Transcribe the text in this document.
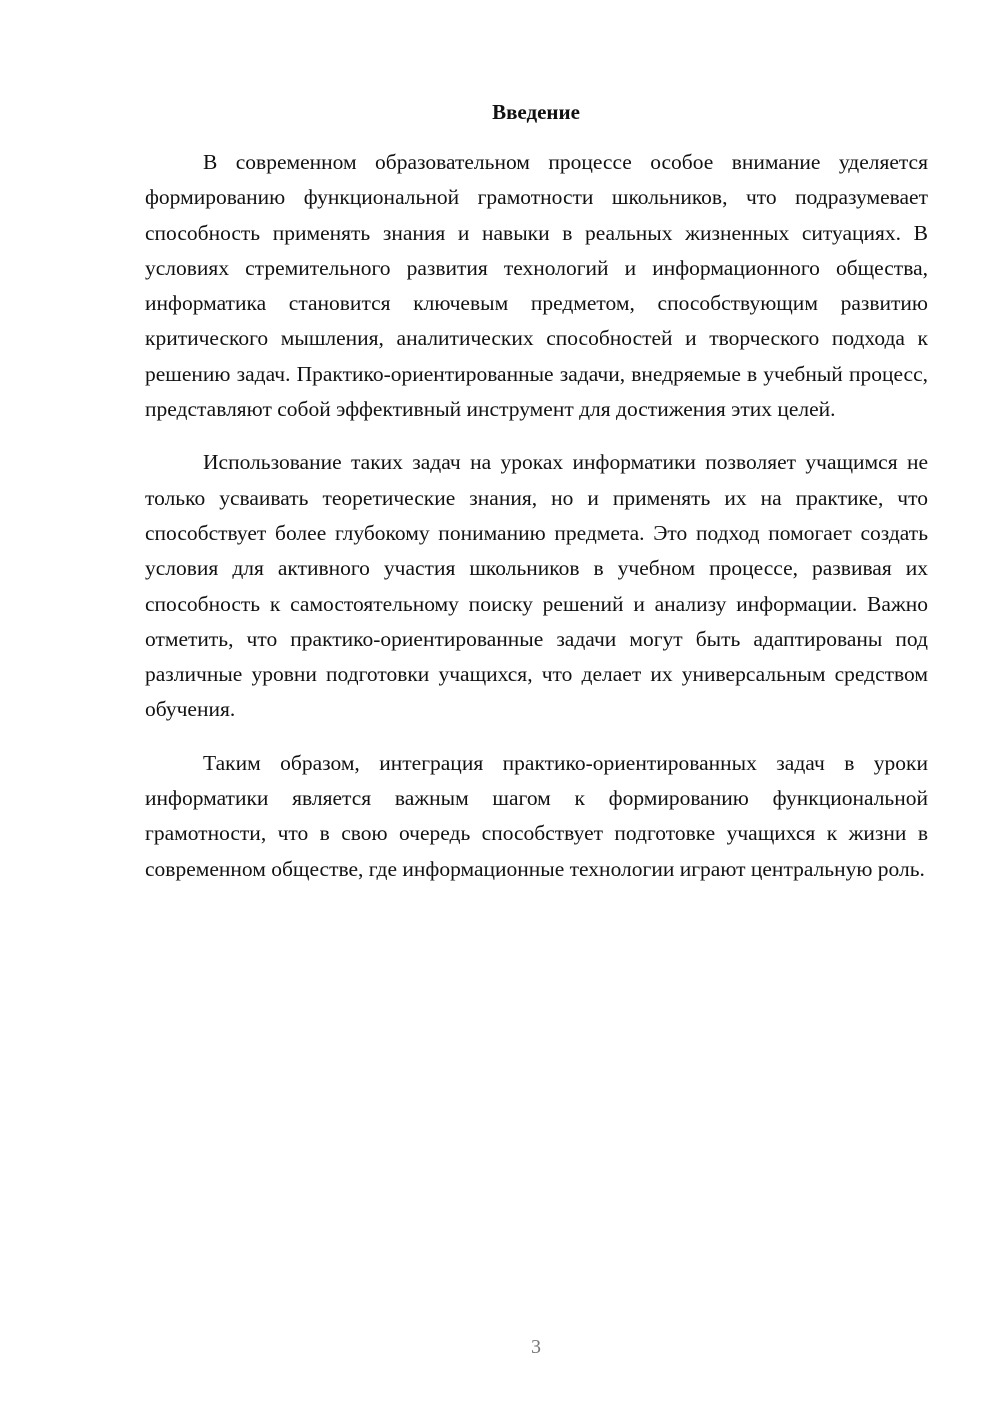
Введение

В современном образовательном процессе особое внимание уделяется формированию функциональной грамотности школьников, что подразумевает способность применять знания и навыки в реальных жизненных ситуациях. В условиях стремительного развития технологий и информационного общества, информатика становится ключевым предметом, способствующим развитию критического мышления, аналитических способностей и творческого подхода к решению задач. Практико-ориентированные задачи, внедряемые в учебный процесс, представляют собой эффективный инструмент для достижения этих целей.

Использование таких задач на уроках информатики позволяет учащимся не только усваивать теоретические знания, но и применять их на практике, что способствует более глубокому пониманию предмета. Это подход помогает создать условия для активного участия школьников в учебном процессе, развивая их способность к самостоятельному поиску решений и анализу информации. Важно отметить, что практико-ориентированные задачи могут быть адаптированы под различные уровни подготовки учащихся, что делает их универсальным средством обучения.

Таким образом, интеграция практико-ориентированных задач в уроки информатики является важным шагом к формированию функциональной грамотности, что в свою очередь способствует подготовке учащихся к жизни в современном обществе, где информационные технологии играют центральную роль.

3
